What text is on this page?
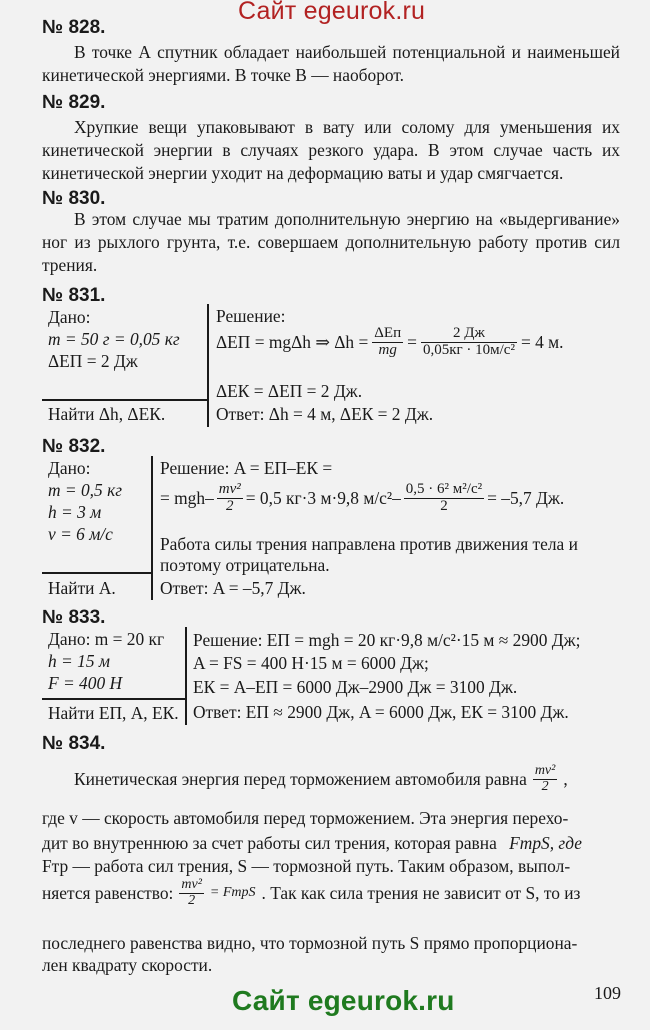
Сайт egeurok.ru
№ 828.
В точке А спутник обладает наибольшей потенциальной и наименьшей кинетической энергиями. В точке В — наоборот.
№ 829.
Хрупкие вещи упаковывают в вату или солому для уменьшения их кинетической энергии в случаях резкого удара. В этом случае часть их кинетической энергии уходит на деформацию ваты и удар смягчается.
№ 830.
В этом случае мы тратим дополнительную энергию на «выдергивание» ног из рыхлого грунта, т.е. совершаем дополнительную работу против сил трения.
№ 831.
Дано:
m = 50 г = 0,05 кг
ΔEП = 2 Дж
Найти Δh, ΔEК.
Решение:
ΔEП = mgΔh ⇒ $\Delta h = \frac{\text{ΔEп}}{mg} = \frac{2 Дж}{\text{0,05кг · 10м/с²}} = 4$ м.
ΔEК = ΔEП = 2 Дж.
Ответ: Δh = 4 м, ΔEК = 2 Дж.
№ 832.
Дано:
m = 0,5 кг
h = 3 м
v = 6 м/с
Найти A.
Решение: A = EП–EК =
= $mgh- \frac{\text{mv²}}{2} = 0,5$ кг·3 м·9,8 $м/с^2- \frac{\text{0,5 · 6² м²/с²}}{2} = -5,7$ Дж.
Работа силы трения направлена против движения тела и
поэтому отрицательна.
Ответ: A = –5,7 Дж.
№ 833.
Дано: m = 20 кг
h = 15 м
F = 400 Н
Найти EП, A, EК.
Решение: EП = mgh = 20 кг·9,8 м/с²·15 м ≈ 2900 Дж;
A = FS = 400 Н·15 м = 6000 Дж;
EК = A–EП = 6000 Дж–2900 Дж = 3100 Дж.
Ответ: EП ≈ 2900 Дж, A = 6000 Дж, EК = 3100 Дж.
№ 834.
Кинетическая энергия перед торможением автомобиля равна $\frac{\text{mv²}}{2}$ ,
где v — скорость автомобиля перед торможением. Эта энергия перехо-
дит во внутреннюю за счет работы сил трения, которая равна FтрS, где
Fтр — работа сил трения, S — тормозной путь. Таким образом, выпол-
няется равенство: $\frac{\text{mv²}}{2}$ = FтрS . Так как сила трения не зависит от S, то из
последнего равенства видно, что тормозной путь S прямо пропорциона-
лен квадрату скорости.
109
Сайт egeurok.ru
